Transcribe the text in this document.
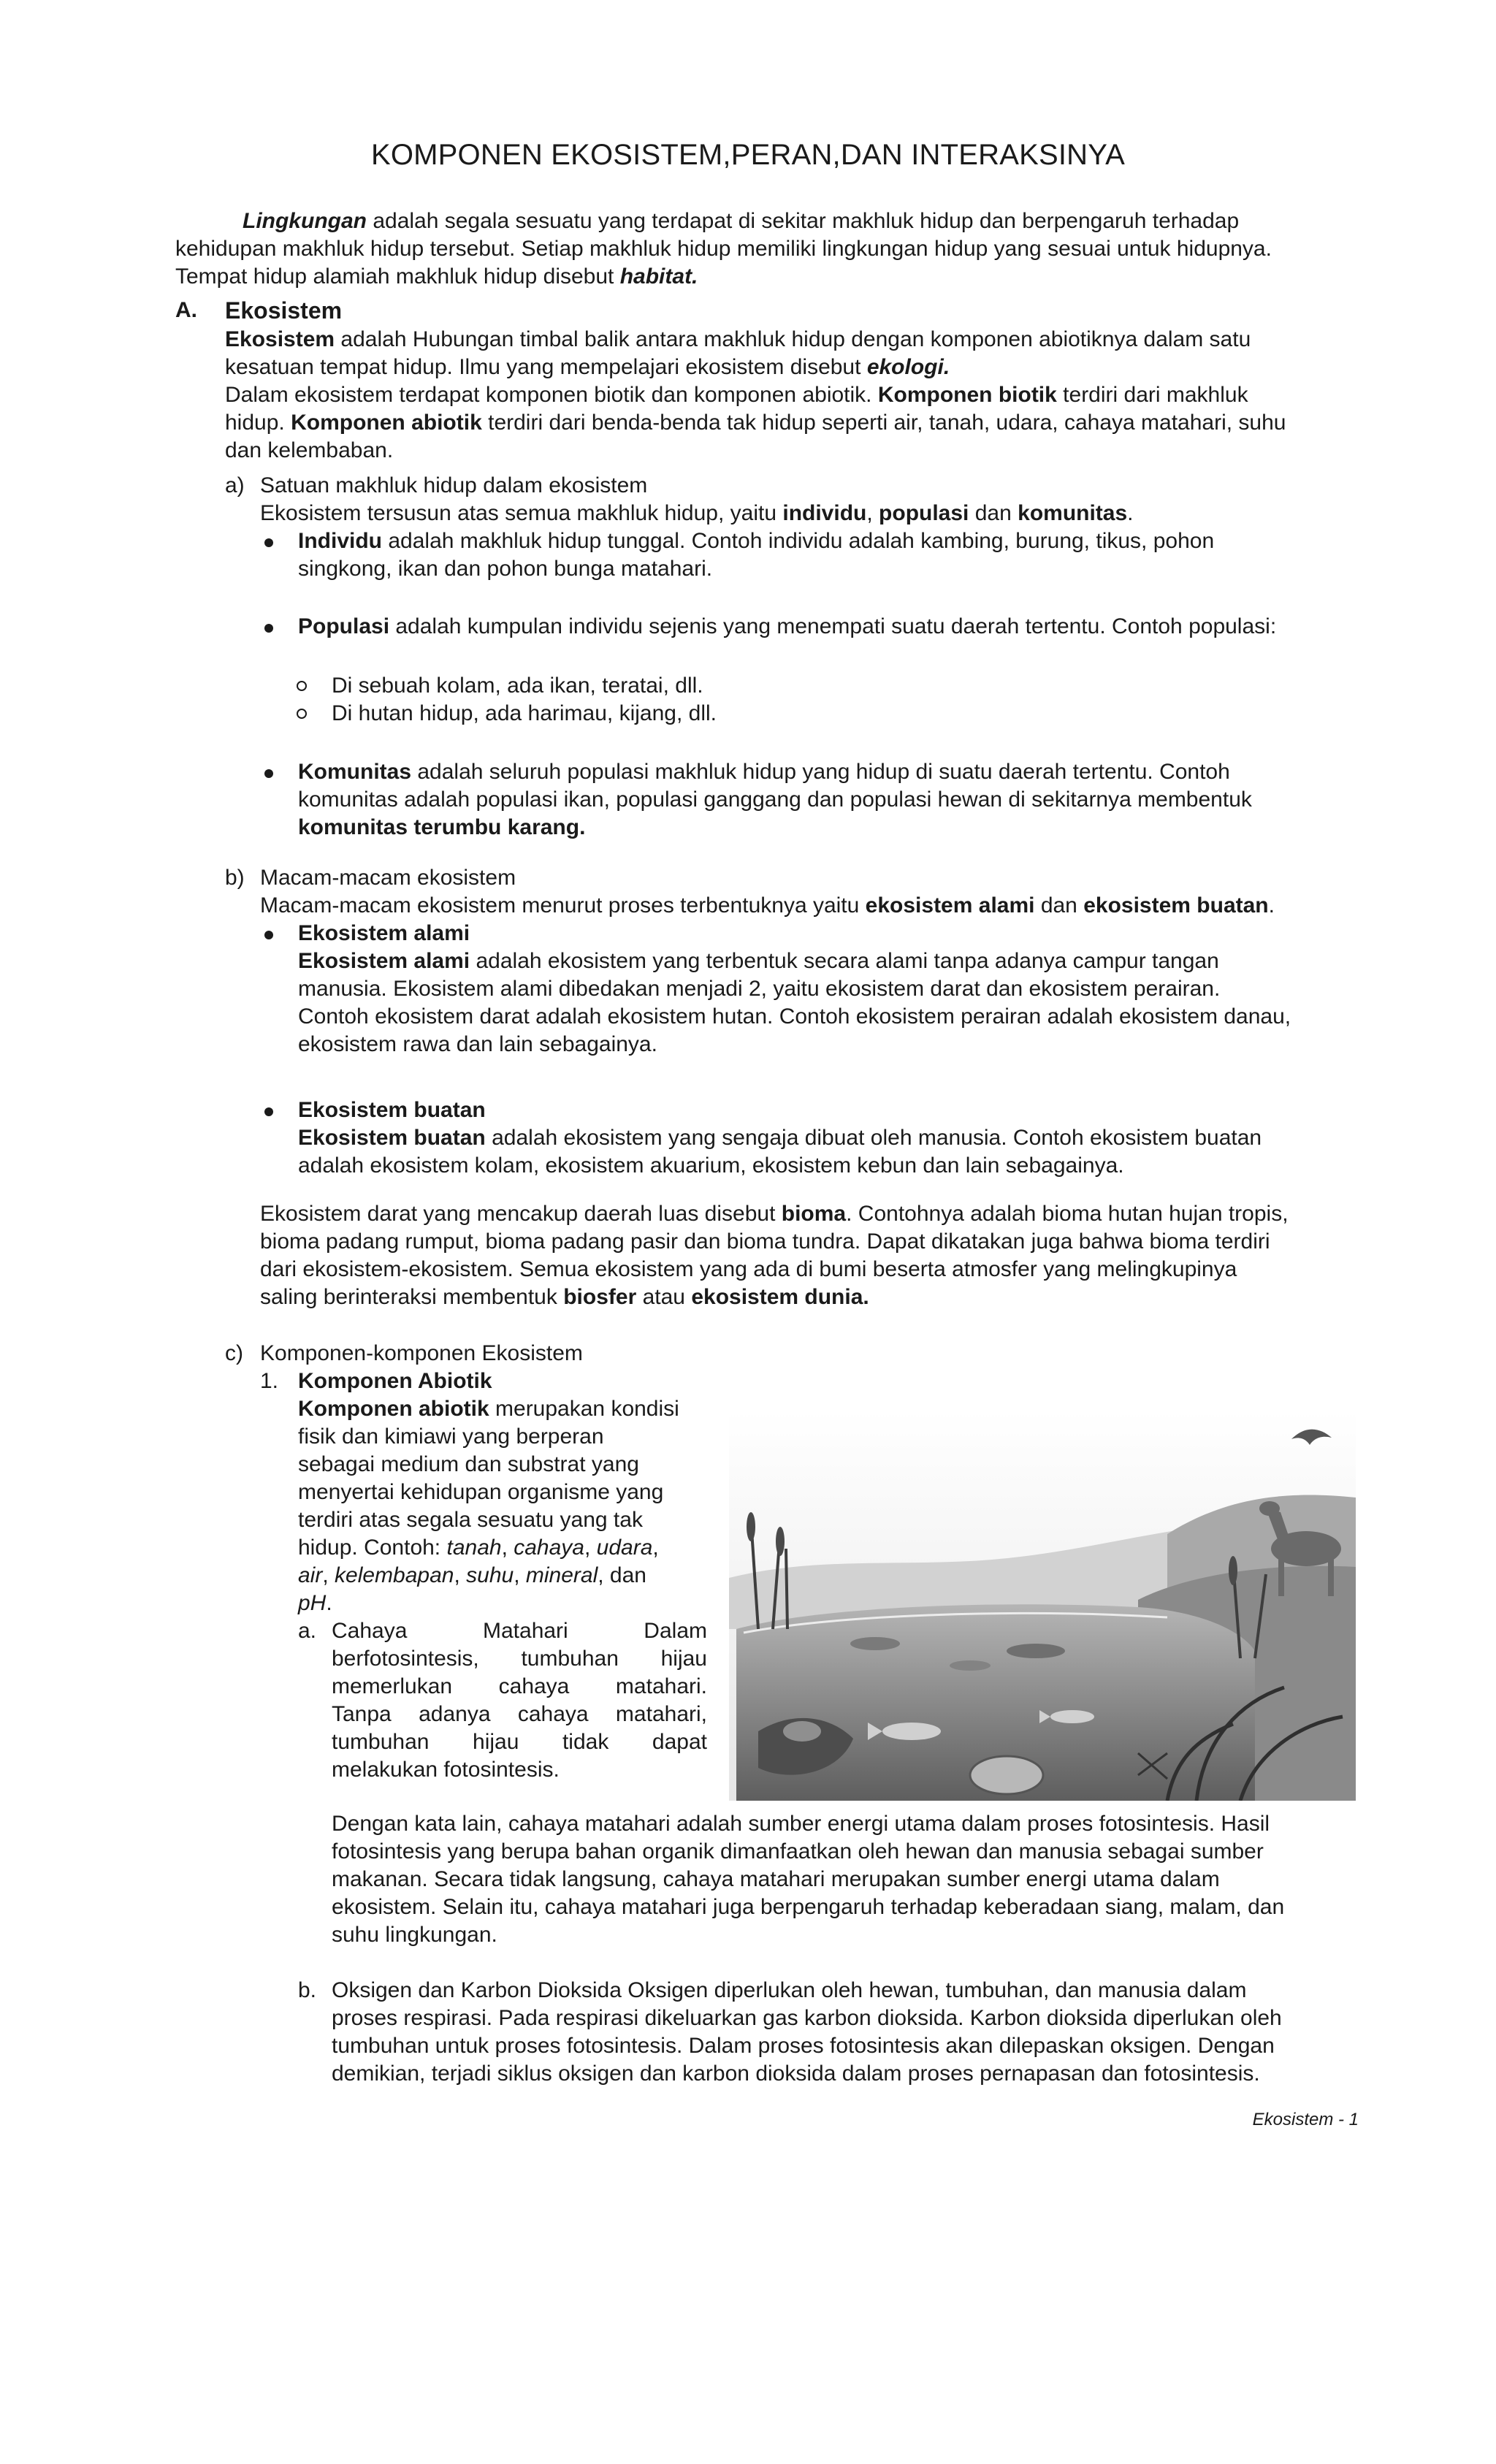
KOMPONEN EKOSISTEM,PERAN,DAN INTERAKSINYA
Lingkungan adalah segala sesuatu yang terdapat di sekitar makhluk hidup dan berpengaruh terhadap
kehidupan makhluk hidup tersebut. Setiap makhluk hidup memiliki lingkungan hidup yang sesuai untuk hidupnya.
Tempat hidup alamiah makhluk hidup disebut habitat.
A. Ekosistem
Ekosistem adalah Hubungan timbal balik antara makhluk hidup dengan komponen abiotiknya dalam satu
kesatuan tempat hidup. Ilmu yang mempelajari ekosistem disebut ekologi.
Dalam ekosistem terdapat komponen biotik dan komponen abiotik. Komponen biotik terdiri dari makhluk
hidup. Komponen abiotik terdiri dari benda-benda tak hidup seperti air, tanah, udara, cahaya matahari, suhu
dan kelembaban.
a) Satuan makhluk hidup dalam ekosistem
Ekosistem tersusun atas semua makhluk hidup, yaitu individu, populasi dan komunitas.
Individu adalah makhluk hidup tunggal. Contoh individu adalah kambing, burung, tikus, pohon
singkong, ikan dan pohon bunga matahari.
Populasi adalah kumpulan individu sejenis yang menempati suatu daerah tertentu. Contoh populasi:
Di sebuah kolam, ada ikan, teratai, dll.
Di hutan hidup, ada harimau, kijang, dll.
Komunitas adalah seluruh populasi makhluk hidup yang hidup di suatu daerah tertentu. Contoh
komunitas adalah populasi ikan, populasi ganggang dan populasi hewan di sekitarnya membentuk
komunitas terumbu karang.
b) Macam-macam ekosistem
Macam-macam ekosistem menurut proses terbentuknya yaitu ekosistem alami dan ekosistem buatan.
Ekosistem alami
Ekosistem alami adalah ekosistem yang terbentuk secara alami tanpa adanya campur tangan
manusia. Ekosistem alami dibedakan menjadi 2, yaitu ekosistem darat dan ekosistem perairan.
Contoh ekosistem darat adalah ekosistem hutan. Contoh ekosistem perairan adalah ekosistem danau,
ekosistem rawa dan lain sebagainya.
Ekosistem buatan
Ekosistem buatan adalah ekosistem yang sengaja dibuat oleh manusia. Contoh ekosistem buatan
adalah ekosistem kolam, ekosistem akuarium, ekosistem kebun dan lain sebagainya.
Ekosistem darat yang mencakup daerah luas disebut bioma. Contohnya adalah bioma hutan hujan tropis,
bioma padang rumput, bioma padang pasir dan bioma tundra. Dapat dikatakan juga bahwa bioma terdiri
dari ekosistem-ekosistem. Semua ekosistem yang ada di bumi beserta atmosfer yang melingkupinya
saling berinteraksi membentuk biosfer atau ekosistem dunia.
c) Komponen-komponen Ekosistem
1. Komponen Abiotik
Komponen abiotik merupakan kondisi
fisik dan kimiawi yang berperan
sebagai medium dan substrat yang
menyertai kehidupan organisme yang
terdiri atas segala sesuatu yang tak
hidup. Contoh: tanah, cahaya, udara,
air, kelembapan, suhu, mineral, dan
pH.
a. Cahaya Matahari Dalam
berfotosintesis, tumbuhan hijau
memerlukan cahaya matahari.
Tanpa adanya cahaya matahari,
tumbuhan hijau tidak dapat
melakukan fotosintesis.
Dengan kata lain, cahaya matahari adalah sumber energi utama dalam proses fotosintesis. Hasil
fotosintesis yang berupa bahan organik dimanfaatkan oleh hewan dan manusia sebagai sumber
makanan. Secara tidak langsung, cahaya matahari merupakan sumber energi utama dalam
ekosistem. Selain itu, cahaya matahari juga berpengaruh terhadap keberadaan siang, malam, dan
suhu lingkungan.
b. Oksigen dan Karbon Dioksida Oksigen diperlukan oleh hewan, tumbuhan, dan manusia dalam
proses respirasi. Pada respirasi dikeluarkan gas karbon dioksida. Karbon dioksida diperlukan oleh
tumbuhan untuk proses fotosintesis. Dalam proses fotosintesis akan dilepaskan oksigen. Dengan
demikian, terjadi siklus oksigen dan karbon dioksida dalam proses pernapasan dan fotosintesis.
Ekosistem - 1
